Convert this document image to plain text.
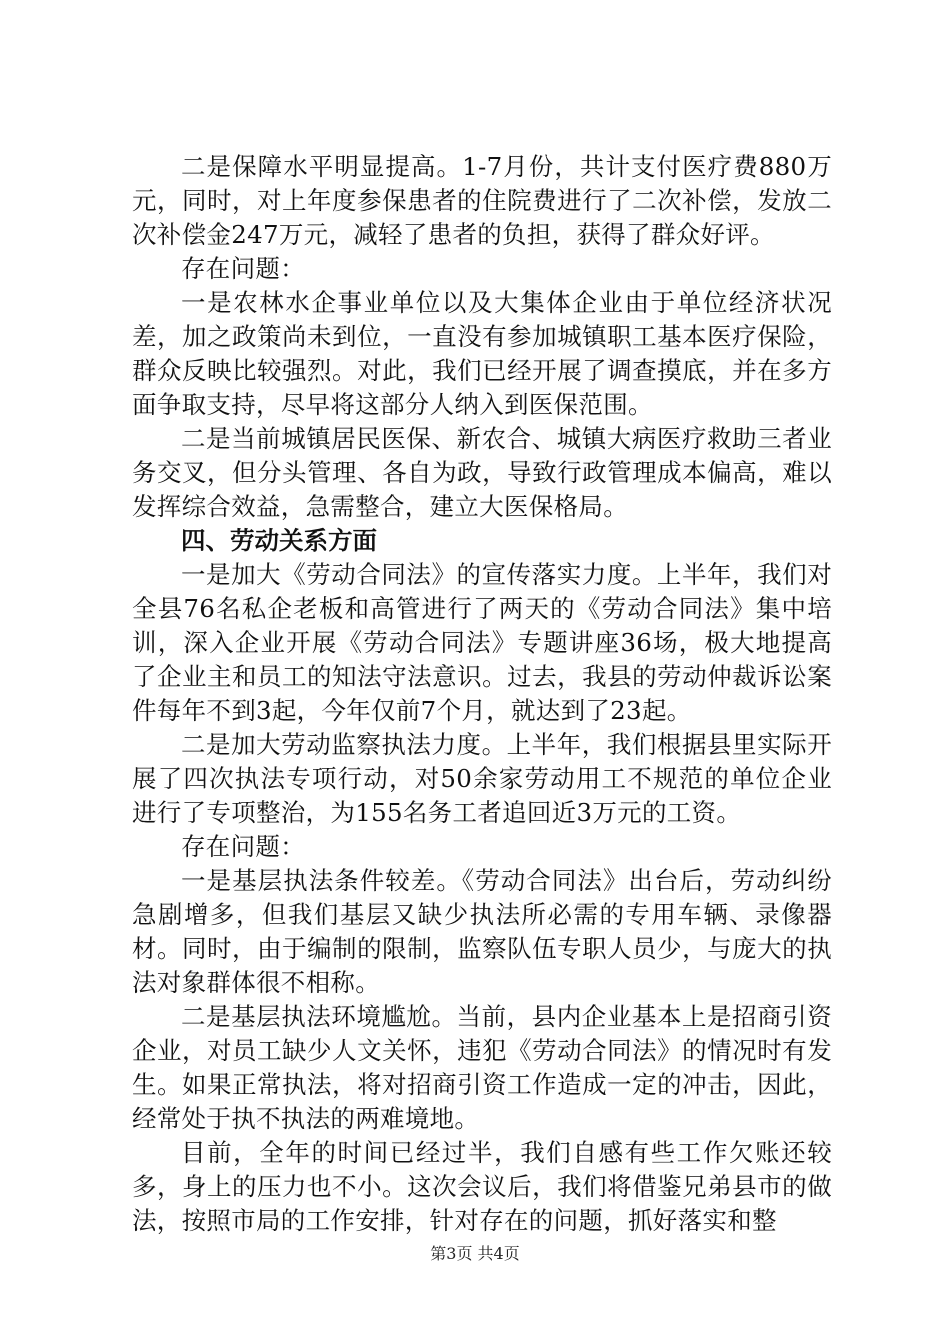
二是保障水平明显提高。1-7月份，共计支付医疗费880万元，同时，对上年度参保患者的住院费进行了二次补偿，发放二次补偿金247万元，减轻了患者的负担，获得了群众好评。

存在问题：

一是农林水企事业单位以及大集体企业由于单位经济状况差，加之政策尚未到位，一直没有参加城镇职工基本医疗保险，群众反映比较强烈。对此，我们已经开展了调查摸底，并在多方面争取支持，尽早将这部分人纳入到医保范围。

二是当前城镇居民医保、新农合、城镇大病医疗救助三者业务交叉，但分头管理、各自为政，导致行政管理成本偏高，难以发挥综合效益，急需整合，建立大医保格局。

四、劳动关系方面

一是加大《劳动合同法》的宣传落实力度。上半年，我们对全县76名私企老板和高管进行了两天的《劳动合同法》集中培训，深入企业开展《劳动合同法》专题讲座36场，极大地提高了企业主和员工的知法守法意识。过去，我县的劳动仲裁诉讼案件每年不到3起，今年仅前7个月，就达到了23起。

二是加大劳动监察执法力度。上半年，我们根据县里实际开展了四次执法专项行动，对50余家劳动用工不规范的单位企业进行了专项整治，为155名务工者追回近3万元的工资。

存在问题：

一是基层执法条件较差。《劳动合同法》出台后，劳动纠纷急剧增多，但我们基层又缺少执法所必需的专用车辆、录像器材。同时，由于编制的限制，监察队伍专职人员少，与庞大的执法对象群体很不相称。

二是基层执法环境尴尬。当前，县内企业基本上是招商引资企业，对员工缺少人文关怀，违犯《劳动合同法》的情况时有发生。如果正常执法，将对招商引资工作造成一定的冲击，因此，经常处于执不执法的两难境地。

目前，全年的时间已经过半，我们自感有些工作欠账还较多，身上的压力也不小。这次会议后，我们将借鉴兄弟县市的做法，按照市局的工作安排，针对存在的问题，抓好落实和整

第3页 共4页
